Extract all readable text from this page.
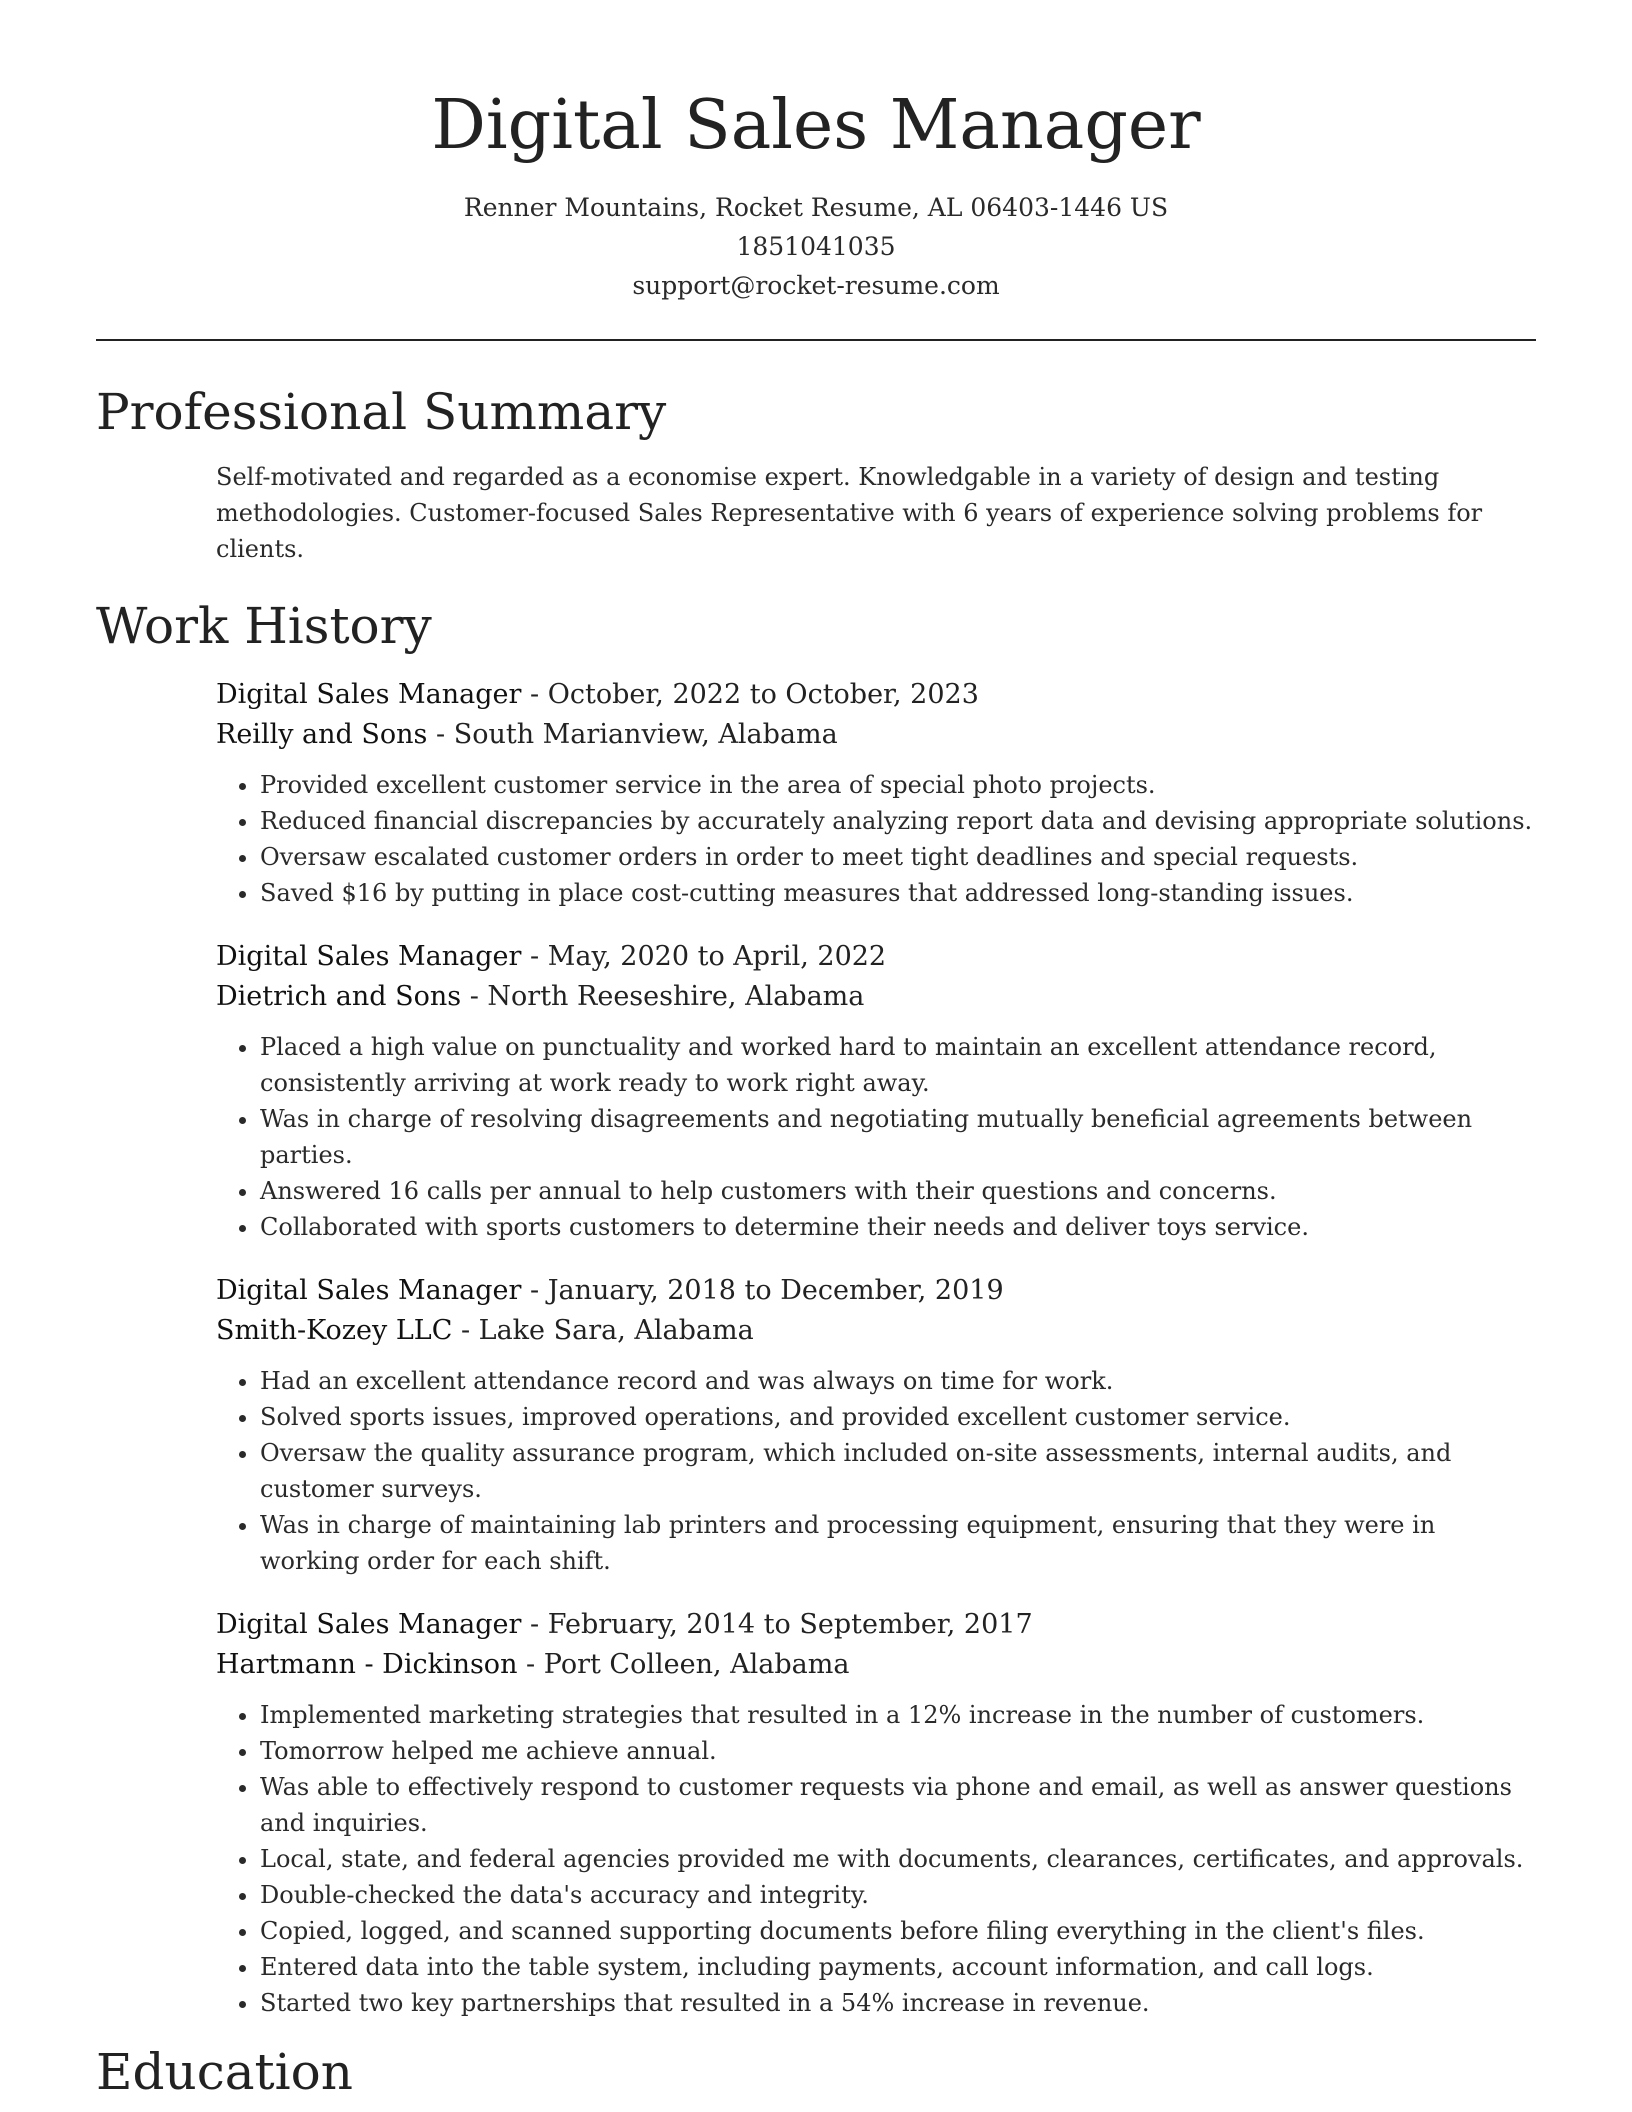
Digital Sales Manager
Renner Mountains, Rocket Resume, AL 06403-1446 US
1851041035
support@rocket-resume.com
Professional Summary

Self-motivated and regarded as a economise expert. Knowledgable in a variety of design and testing methodologies. Customer-focused Sales Representative with 6 years of experience solving problems for clients.

Work History
Digital Sales Manager - October, 2022 to October, 2023
Reilly and Sons - South Marianview, Alabama
• Provided excellent customer service in the area of special photo projects.
• Reduced financial discrepancies by accurately analyzing report data and devising appropriate solutions.
• Oversaw escalated customer orders in order to meet tight deadlines and special requests.
• Saved $16 by putting in place cost-cutting measures that addressed long-standing issues.
Digital Sales Manager - May, 2020 to April, 2022
Dietrich and Sons - North Reeseshire, Alabama
• Placed a high value on punctuality and worked hard to maintain an excellent attendance record, consistently arriving at work ready to work right away.
• Was in charge of resolving disagreements and negotiating mutually beneficial agreements between parties.
• Answered 16 calls per annual to help customers with their questions and concerns.
• Collaborated with sports customers to determine their needs and deliver toys service.
Digital Sales Manager - January, 2018 to December, 2019
Smith-Kozey LLC - Lake Sara, Alabama
• Had an excellent attendance record and was always on time for work.
• Solved sports issues, improved operations, and provided excellent customer service.
• Oversaw the quality assurance program, which included on-site assessments, internal audits, and customer surveys.
• Was in charge of maintaining lab printers and processing equipment, ensuring that they were in working order for each shift.
Digital Sales Manager - February, 2014 to September, 2017
Hartmann - Dickinson - Port Colleen, Alabama
• Implemented marketing strategies that resulted in a 12% increase in the number of customers.
• Tomorrow helped me achieve annual.
• Was able to effectively respond to customer requests via phone and email, as well as answer questions and inquiries.
• Local, state, and federal agencies provided me with documents, clearances, certificates, and approvals.
• Double-checked the data's accuracy and integrity.
• Copied, logged, and scanned supporting documents before filing everything in the client's files.
• Entered data into the table system, including payments, account information, and call logs.
• Started two key partnerships that resulted in a 54% increase in revenue.
Education
